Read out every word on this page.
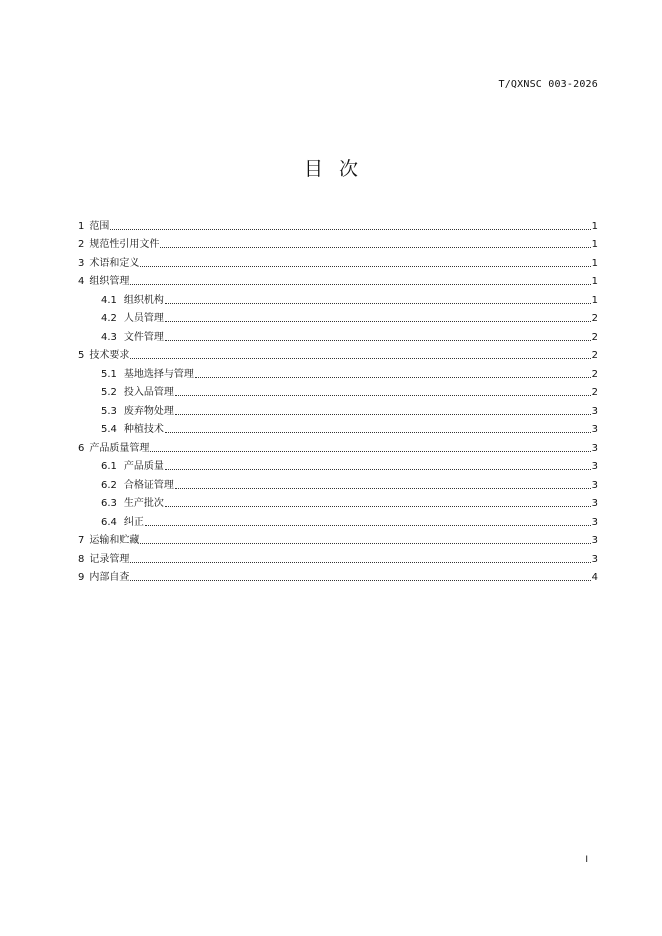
T/QXNSC 003-2026
目次
1 范围	1
2 规范性引用文件	1
3 术语和定义	1
4 组织管理	1
4.1 组织机构	1
4.2 人员管理	2
4.3 文件管理	2
5 技术要求	2
5.1 基地选择与管理	2
5.2 投入品管理	2
5.3 废弃物处理	3
5.4 种植技术	3
6 产品质量管理	3
6.1 产品质量	3
6.2 合格证管理	3
6.3 生产批次	3
6.4 纠正	3
7 运输和贮藏	3
8 记录管理	3
9 内部自查	4
I
